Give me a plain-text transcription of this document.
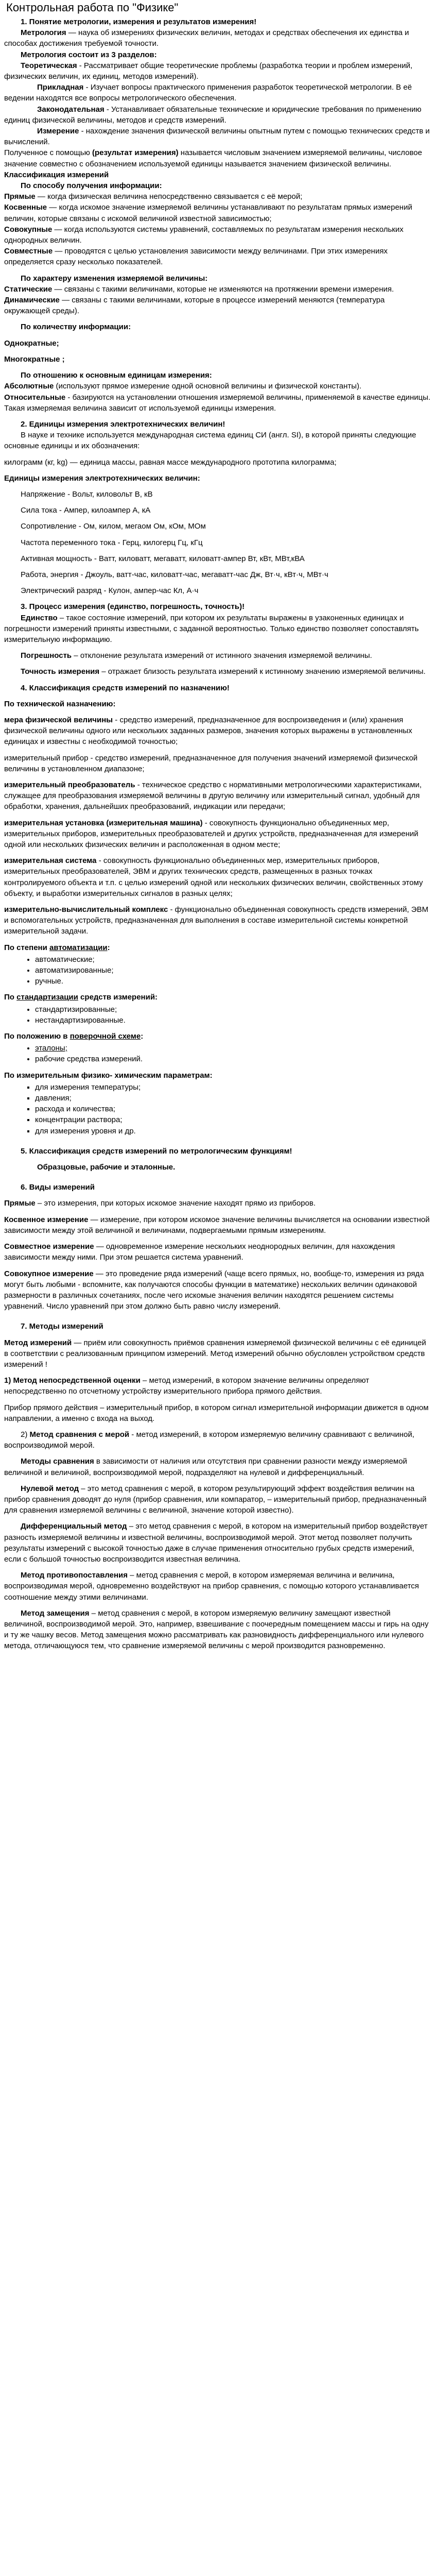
Контрольная работа по "Физике"

1. Понятие метрологии, измерения и результатов измерения!

Метрология — наука об измерениях физических величин, методах и средствах обеспечения их единства и способах достижения требуемой точности.

Метрология состоит из 3 разделов:

Теоретическая - Рассматривает общие теоретические проблемы (разработка теории и проблем измерений, физических величин, их единиц, методов измерений).

Прикладная - Изучает вопросы практического применения разработок теоретической метрологии. В её ведении находятся все вопросы метрологического обеспечения.

Законодательная - Устанавливает обязательные технические и юридические требования по применению единиц физической величины, методов и средств измерений.

Измерение - нахождение значения физической величины опытным путем с помощью технических средств и вычислений.

Полученное с помощью (результат измерения) называется числовым значением измеряемой величины, числовое значение совместно с обозначением используемой единицы называется значением физической величины.

Классификация измерений

По способу получения информации:

Прямые — когда физическая величина непосредственно связывается с её мерой;

Косвенные — когда искомое значение измеряемой величины устанавливают по результатам прямых измерений величин, которые связаны с искомой величиной известной зависимостью;

Совокупные — когда используются системы уравнений, составляемых по результатам измерения нескольких однородных величин.

Совместные — проводятся с целью установления зависимости между величинами. При этих измерениях определяется сразу несколько показателей.

По характеру изменения измеряемой величины:

Статические — связаны с такими величинами, которые не изменяются на протяжении времени измерения.

Динамические — связаны с такими величинами, которые в процессе измерений меняются (температура окружающей среды).

По количеству информации:

Однократные;

Многократные ;

По отношению к основным единицам измерения:

Абсолютные (используют прямое измерение одной основной величины и физической константы).

Относительные - базируются на установлении отношения измеряемой величины, применяемой в качестве единицы. Такая измеряемая величина зависит от используемой единицы измерения.

2. Единицы измерения электротехнических величин!

В науке и технике используется международная система единиц СИ (англ. SI), в которой приняты следующие основные единицы и их обозначения:

килограмм (кг, kg) — единица массы, равная массе международного прототипа килограмма;

Единицы измерения электротехнических величин:

Напряжение - Вольт, киловольт В, кВ

Сила тока - Ампер, килоампер А, кА

Сопротивление - Ом, килом, мегаом Ом, кОм, МОм

Частота переменного тока - Герц, килогерц Гц, кГц

Активная мощность - Ватт, киловатт, мегаватт, киловатт-ампер Вт, кВт, МВт,кВА

Работа, энергия - Джоуль, ватт-час, киловатт-час, мегаватт-час Дж, Вт·ч, кВт·ч, МВт·ч

Электрический разряд - Кулон, ампер-час Кл, А·ч

3. Процесс измерения (единство, погрешность, точность)!

Единство – такое состояние измерений, при котором их результаты выражены в узаконенных единицах и погрешности измерений приняты известными, с заданной вероятностью. Только единство позволяет сопоставлять измерительную информацию.

Погрешность – отклонение результата измерений от истинного значения измеряемой величины.

Точность измерения – отражает близость результата измерений к истинному значению измеряемой величины.

4. Классификация средств измерений по назначению!

По технической назначению:

мера физической величины - средство измерений, предназначенное для воспроизведения и (или) хранения физической величины одного или нескольких заданных размеров, значения которых выражены в установленных единицах и известны с необходимой точностью;

измерительный прибор - средство измерений, предназначенное для получения значений измеряемой физической величины в установленном диапазоне;

измерительный преобразователь - техническое средство с нормативными метрологическими характеристиками, служащее для преобразования измеряемой величины в другую величину или измерительный сигнал, удобный для обработки, хранения, дальнейших преобразований, индикации или передачи;

измерительная установка (измерительная машина) - совокупность функционально объединенных мер, измерительных приборов, измерительных преобразователей и других устройств, предназначенная для измерений одной или нескольких физических величин и расположенная в одном месте;

измерительная система - совокупность функционально объединенных мер, измерительных приборов, измерительных преобразователей, ЭВМ и других технических средств, размещенных в разных точках контролируемого объекта и т.п. с целью измерений одной или нескольких физических величин, свойственных этому объекту, и выработки измерительных сигналов в разных целях;

измерительно-вычислительный комплекс - функционально объединенная совокупность средств измерений, ЭВМ и вспомогательных устройств, предназначенная для выполнения в составе измерительной системы конкретной измерительной задачи.

По степени автоматизации:

• автоматические;
• автоматизированные;
• ручные.

По стандартизации средств измерений:

• стандартизированные;
• нестандартизированные.

По положению в поверочной схеме:

• эталоны;
• рабочие средства измерений.

По измерительным физико- химическим параметрам:

▪ для измерения температуры;
▪ давления;
▪ расхода и количества;
▪ концентрации раствора;
▪ для измерения уровня и др.

5. Классификация средств измерений по метрологическим функциям!

Образцовые, рабочие и эталонные.

6. Виды измерений

Прямые – это измерения, при которых искомое значение находят прямо из приборов.

Косвенное измерение — измерение, при котором искомое значение величины вычисляется на основании известной зависимости между этой величиной и величинами, подвергаемыми прямым измерениям.

Совместное измерение — одновременное измерение нескольких неоднородных величин, для нахождения зависимости между ними. При этом решается система уравнений.

Совокупное измерение — это проведение ряда измерений (чаще всего прямых, но, вообще-то, измерения из ряда могут быть любыми - вспомните, как получаются способы функции в математике) нескольких величин одинаковой размерности в различных сочетаниях, после чего искомые значения величин находятся решением системы уравнений. Число уравнений при этом должно быть равно числу измерений.

7. Методы измерений

Метод измерений — приём или совокупность приёмов сравнения измеряемой физической величины с её единицей в соответствии с реализованным принципом измерений. Метод измерений обычно обусловлен устройством средств измерений !

1) Метод непосредственной оценки – метод измерений, в котором значение величины определяют непосредственно по отсчетному устройству измерительного прибора прямого действия.

Прибор прямого действия – измерительный прибор, в котором сигнал измерительной информации движется в одном направлении, а именно с входа на выход.

2) Метод сравнения с мерой - метод измерений, в котором измеряемую величину сравнивают с величиной, воспроизводимой мерой.

Методы сравнения в зависимости от наличия или отсутствия при сравнении разности между измеряемой величиной и величиной, воспроизводимой мерой, подразделяют на нулевой и дифференциальный.

Нулевой метод – это метод сравнения с мерой, в котором результирующий эффект воздействия величин на прибор сравнения доводят до нуля (прибор сравнения, или компаратор, – измерительный прибор, предназначенный для сравнения измеряемой величины с величиной, значение которой известно).

Дифференциальный метод – это метод сравнения с мерой, в котором на измерительный прибор воздействует разность измеряемой величины и известной величины, воспроизводимой мерой. Этот метод позволяет получить результаты измерений с высокой точностью даже в случае применения относительно грубых средств измерений, если с большой точностью воспроизводится известная величина.

Метод противопоставления – метод сравнения с мерой, в котором измеряемая величина и величина, воспроизводимая мерой, одновременно воздействуют на прибор сравнения, с помощью которого устанавливается соотношение между этими величинами.

Метод замещения – метод сравнения с мерой, в котором измеряемую величину замещают известной величиной, воспроизводимой мерой. Это, например, взвешивание с поочередным помещением массы и гирь на одну и ту же чашку весов. Метод замещения можно рассматривать как разновидность дифференциального или нулевого метода, отличающуюся тем, что сравнение измеряемой величины с мерой производится разновременно.
